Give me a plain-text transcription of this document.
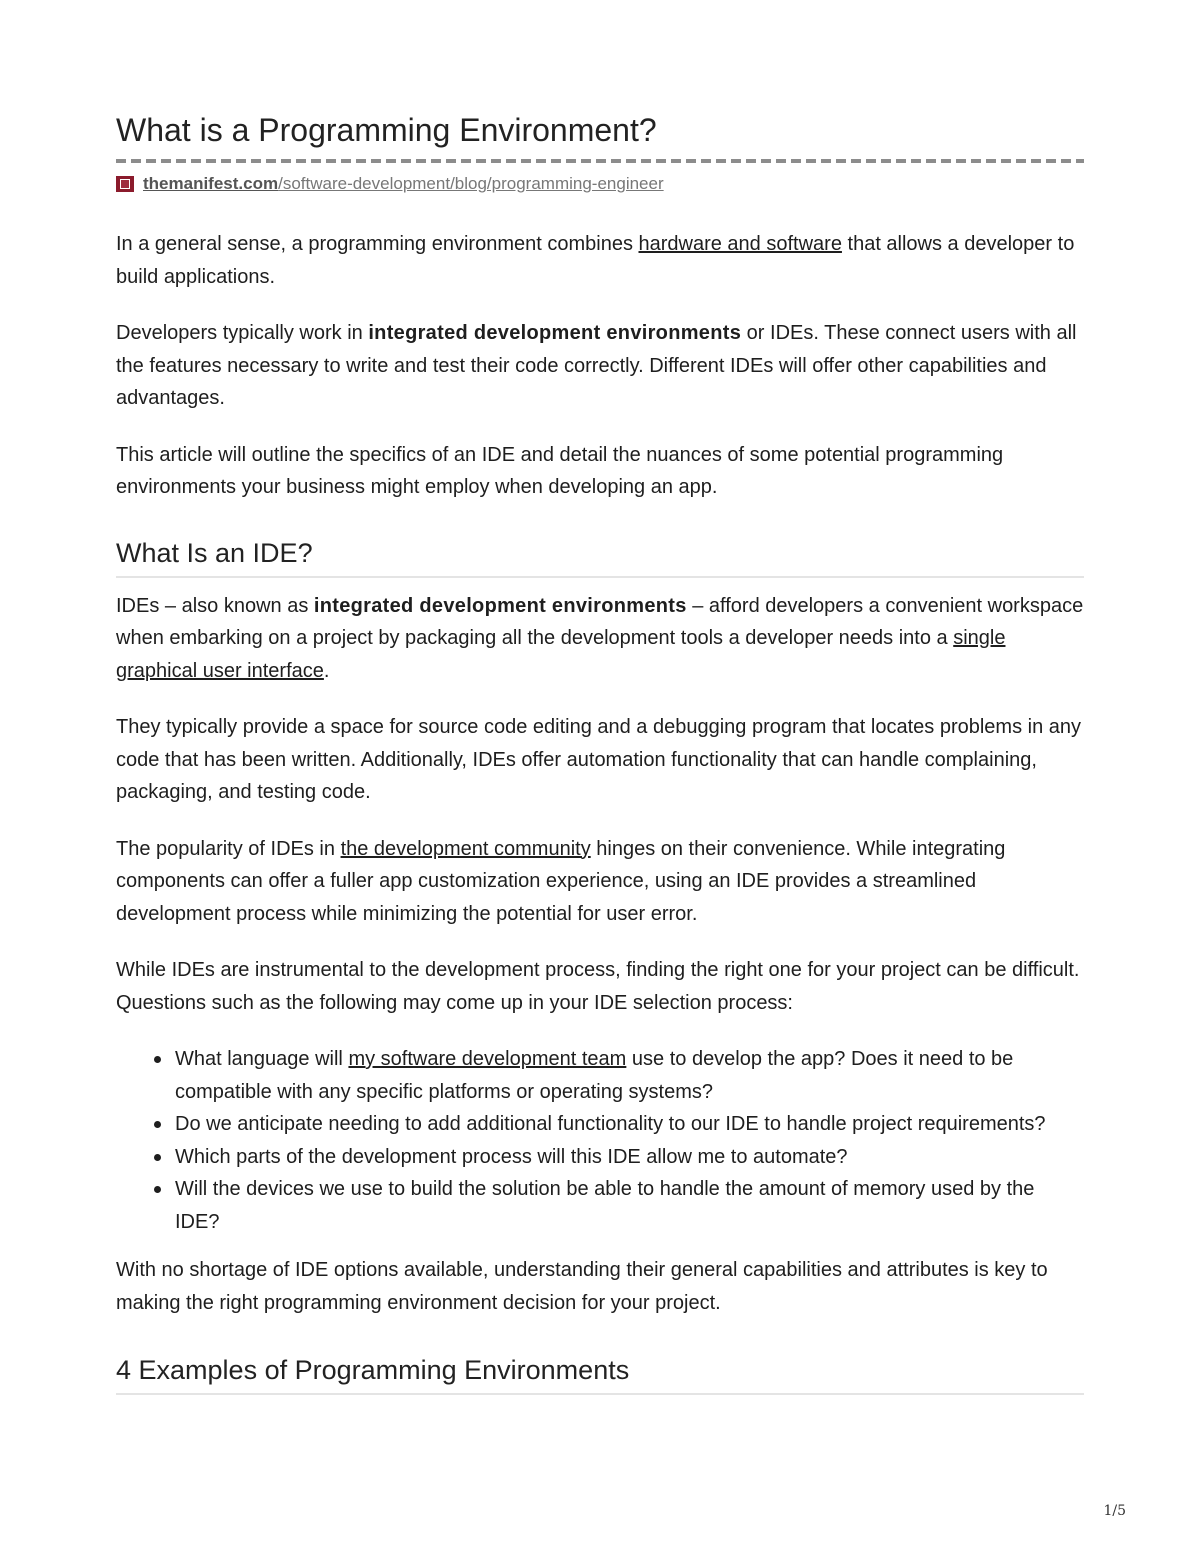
What is a Programming Environment?
themanifest.com /software-development/blog/programming-engineer

In a general sense, a programming environment combines hardware and software that allows a developer to build applications.

Developers typically work in integrated development environments or IDEs. These connect users with all the features necessary to write and test their code correctly. Different IDEs will offer other capabilities and advantages.

This article will outline the specifics of an IDE and detail the nuances of some potential programming environments your business might employ when developing an app.

What Is an IDE?

IDEs – also known as integrated development environments – afford developers a convenient workspace when embarking on a project by packaging all the development tools a developer needs into a single graphical user interface.

They typically provide a space for source code editing and a debugging program that locates problems in any code that has been written. Additionally, IDEs offer automation functionality that can handle complaining, packaging, and testing code.

The popularity of IDEs in the development community hinges on their convenience. While integrating components can offer a fuller app customization experience, using an IDE provides a streamlined development process while minimizing the potential for user error.

While IDEs are instrumental to the development process, finding the right one for your project can be difficult. Questions such as the following may come up in your IDE selection process:

What language will my software development team use to develop the app? Does it need to be compatible with any specific platforms or operating systems?
Do we anticipate needing to add additional functionality to our IDE to handle project requirements?
Which parts of the development process will this IDE allow me to automate?
Will the devices we use to build the solution be able to handle the amount of memory used by the IDE?

With no shortage of IDE options available, understanding their general capabilities and attributes is key to making the right programming environment decision for your project.

4 Examples of Programming Environments
1/5
